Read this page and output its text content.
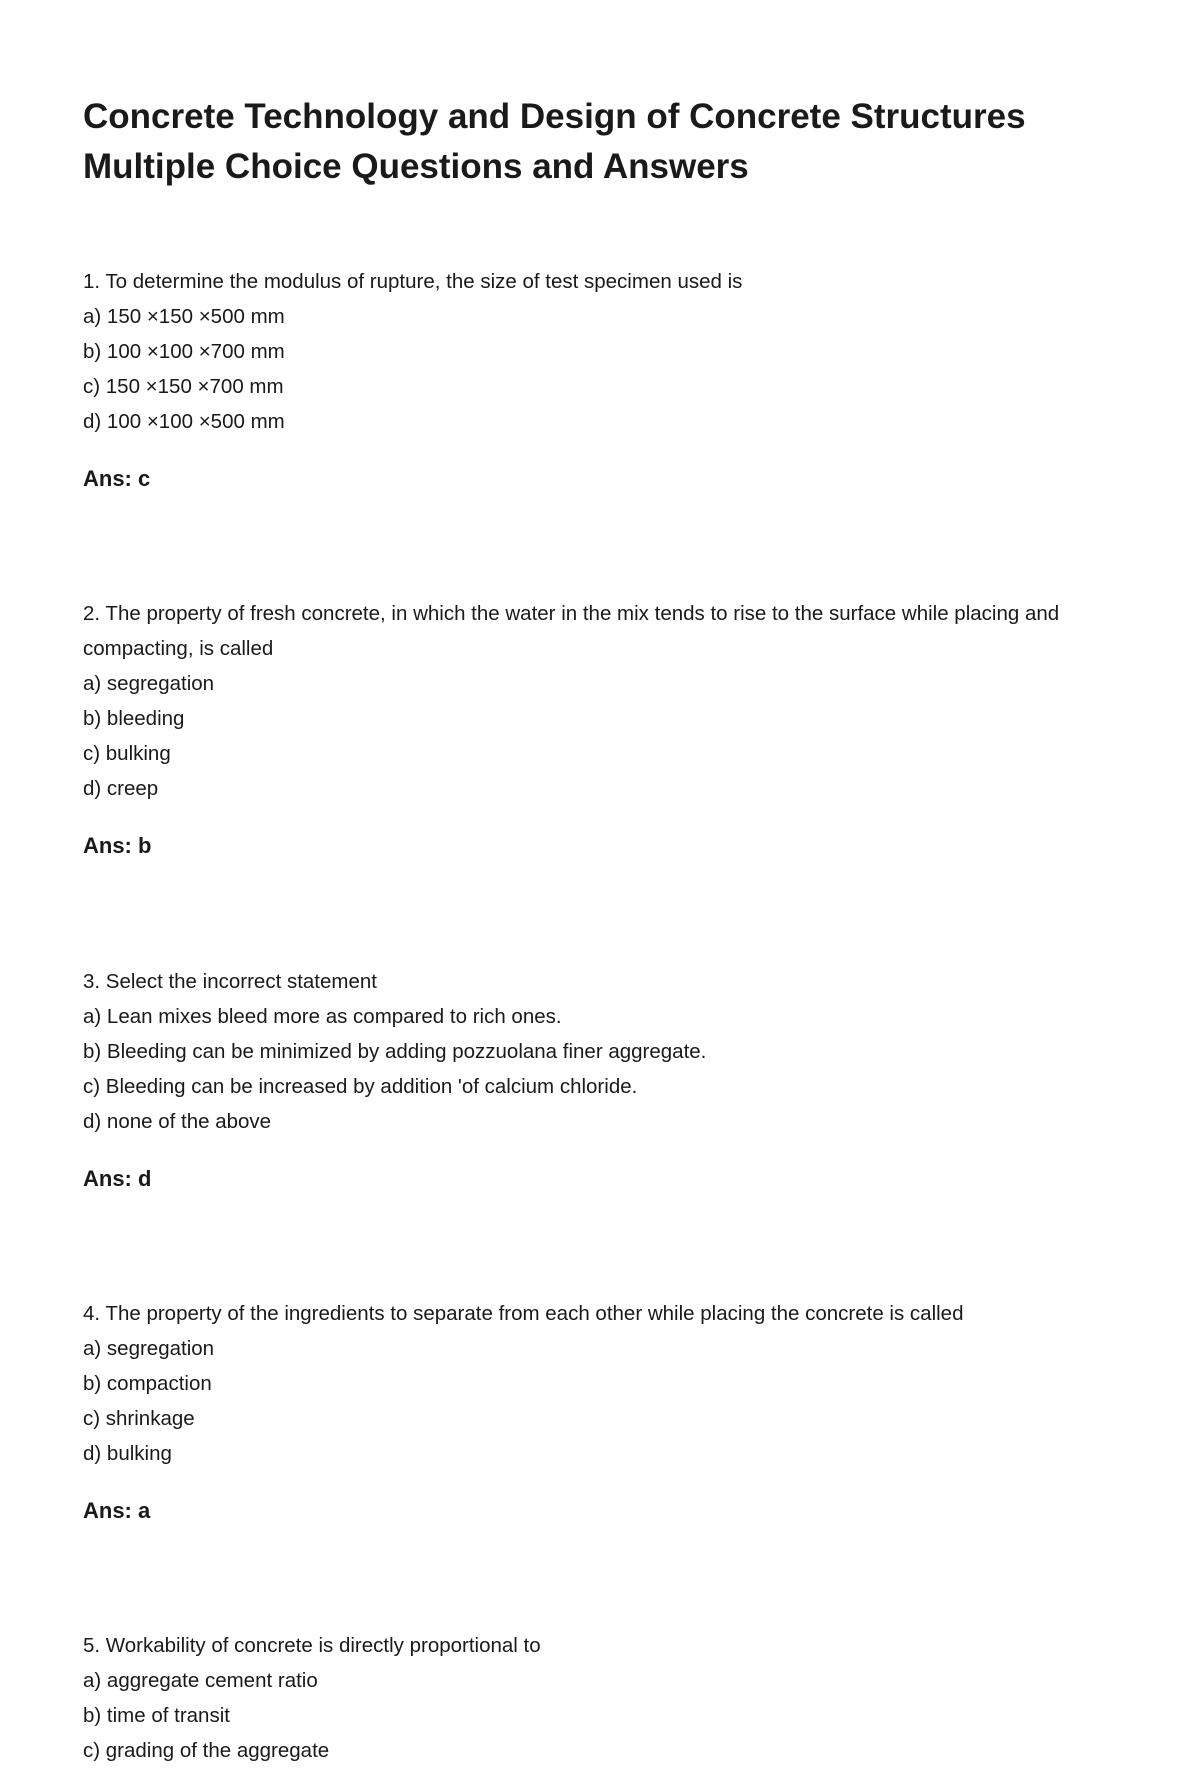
Concrete Technology and Design of Concrete Structures
Multiple Choice Questions and Answers

1. To determine the modulus of rupture, the size of test specimen used is

a) 150 ×150 ×500 mm

b) 100 ×100 ×700 mm

c) 150 ×150 ×700 mm

d) 100 ×100 ×500 mm

Ans: c

2. The property of fresh concrete, in which the water in the mix tends to rise to the surface while placing and compacting, is called

a) segregation

b) bleeding

c) bulking

d) creep

Ans: b

3. Select the incorrect statement

a) Lean mixes bleed more as compared to rich ones.

b) Bleeding can be minimized by adding pozzuolana finer aggregate.

c) Bleeding can be increased by addition 'of calcium chloride.

d) none of the above

Ans: d

4. The property of the ingredients to separate from each other while placing the concrete is called

a) segregation

b) compaction

c) shrinkage

d) bulking

Ans: a

5. Workability of concrete is directly proportional to

a) aggregate cement ratio

b) time of transit

c) grading of the aggregate
